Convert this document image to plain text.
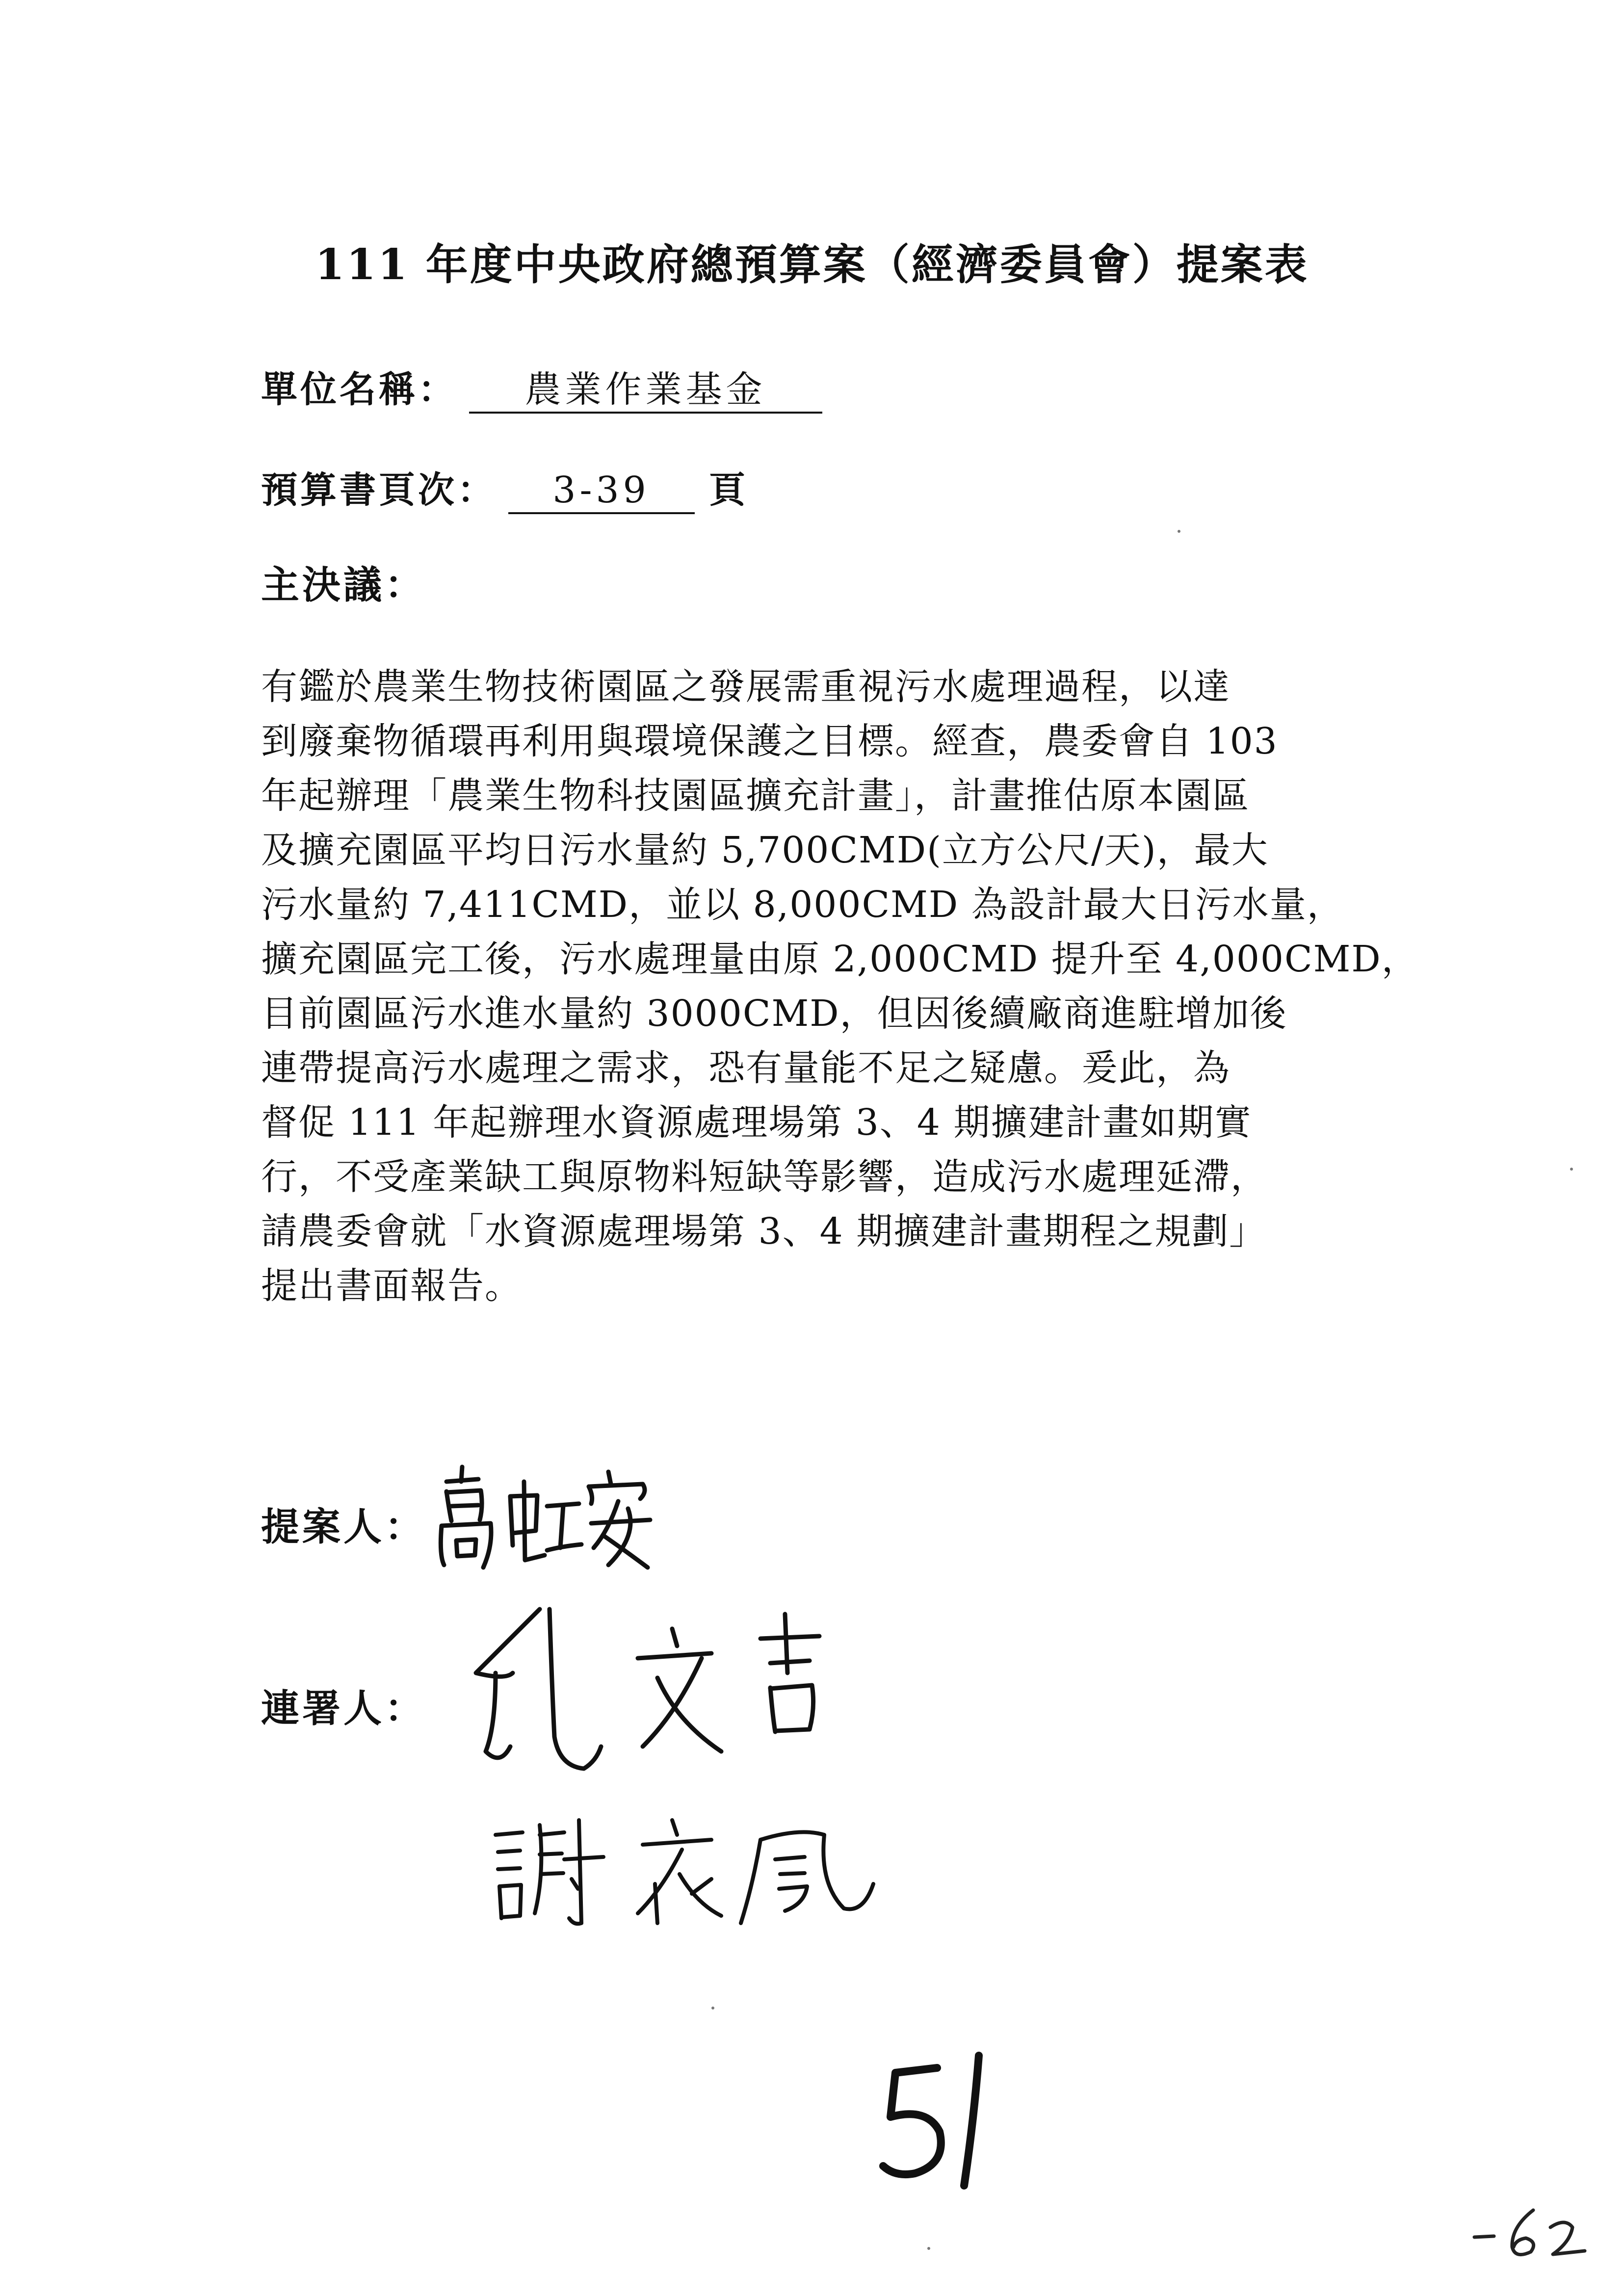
111 年度中央政府總預算案（經濟委員會）提案表
單位名稱： 農業作業基金
預算書頁次： 3-39 頁
主決議：
有鑑於農業生物技術園區之發展需重視污水處理過程，以達
到廢棄物循環再利用與環境保護之目標。經查，農委會自 103
年起辦理「農業生物科技園區擴充計畫」，計畫推估原本園區
及擴充園區平均日污水量約 5,700CMD(立方公尺/天)，最大
污水量約 7,411CMD，並以 8,000CMD 為設計最大日污水量，
擴充園區完工後，污水處理量由原 2,000CMD 提升至 4,000CMD，
目前園區污水進水量約 3000CMD，但因後續廠商進駐增加後
連帶提高污水處理之需求，恐有量能不足之疑慮。爰此，為
督促 111 年起辦理水資源處理場第 3、4 期擴建計畫如期實
行，不受產業缺工與原物料短缺等影響，造成污水處理延滯，
請農委會就「水資源處理場第 3、4 期擴建計畫期程之規劃」
提出書面報告。
提案人：
連署人：
